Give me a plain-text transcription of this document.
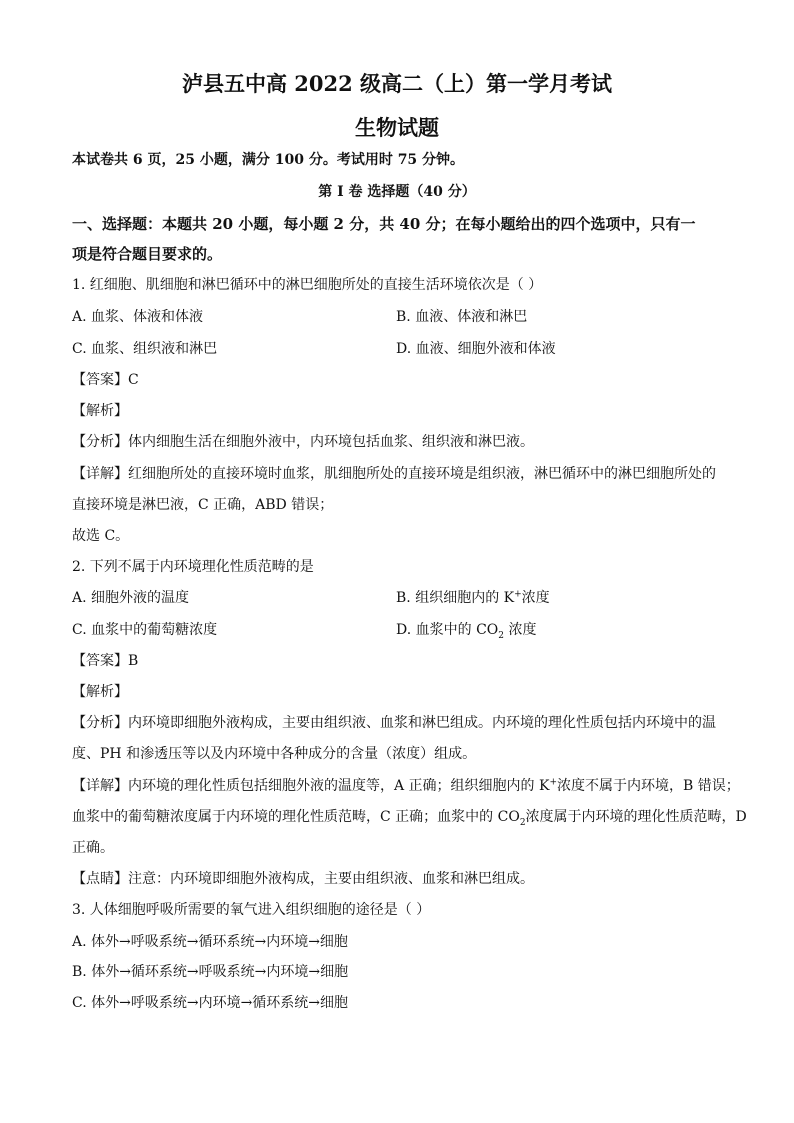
泸县五中高 2022 级高二（上）第一学月考试
生物试题
本试卷共 6 页，25 小题，满分 100 分。考试用时 75 分钟。
第 I 卷 选择题（40 分）
一、选择题：本题共 20 小题，每小题 2 分，共 40 分；在每小题给出的四个选项中，只有一
项是符合题目要求的。
1. 红细胞、肌细胞和淋巴循环中的淋巴细胞所处的直接生活环境依次是（ ）
A. 血浆、体液和体液	B. 血液、体液和淋巴
C. 血浆、组织液和淋巴	D. 血液、细胞外液和体液
【答案】C
【解析】
【分析】体内细胞生活在细胞外液中，内环境包括血浆、组织液和淋巴液。
【详解】红细胞所处的直接环境时血浆，肌细胞所处的直接环境是组织液，淋巴循环中的淋巴细胞所处的
直接环境是淋巴液，C 正确，ABD 错误；
故选 C。
2. 下列不属于内环境理化性质范畴的是
A. 细胞外液的温度	B. 组织细胞内的 K+浓度
C. 血浆中的葡萄糖浓度	D. 血浆中的 $CO_2$ 浓度
【答案】B
【解析】
【分析】内环境即细胞外液构成，主要由组织液、血浆和淋巴组成。内环境的理化性质包括内环境中的温
度、PH 和渗透压等以及内环境中各种成分的含量（浓度）组成。
【详解】内环境的理化性质包括细胞外液的温度等，A 正确；组织细胞内的 K+浓度不属于内环境，B 错误；
血浆中的葡萄糖浓度属于内环境的理化性质范畴，C 正确；血浆中的 $CO_2$浓度属于内环境的理化性质范畴，D
正确。
【点睛】注意：内环境即细胞外液构成，主要由组织液、血浆和淋巴组成。
3. 人体细胞呼吸所需要的氧气进入组织细胞的途径是（ ）
A. 体外→呼吸系统→循环系统→内环境→细胞
B. 体外→循环系统→呼吸系统→内环境→细胞
C. 体外→呼吸系统→内环境→循环系统→细胞
